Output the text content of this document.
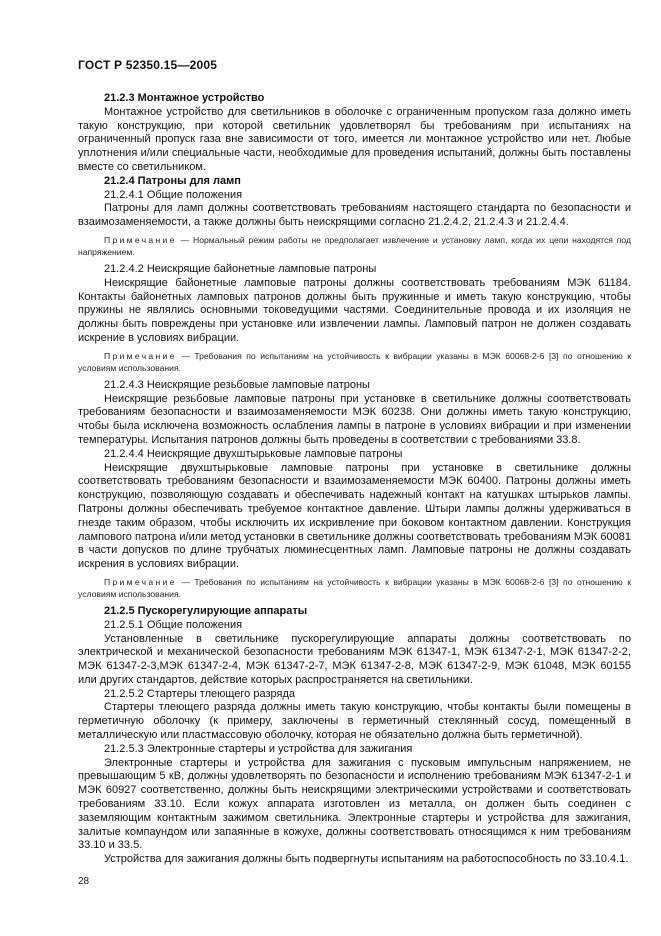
ГОСТ Р 52350.15—2005

21.2.3 Монтажное устройство

Монтажное устройство для светильников в оболочке с ограниченным пропуском газа должно иметь такую конструкцию, при которой светильник удовлетворял бы требованиям при испытаниях на ограниченный пропуск газа вне зависимости от того, имеется ли монтажное устройство или нет. Любые уплотнения и/или специальные части, необходимые для проведения испытаний, должны быть поставлены вместе со светильником.

21.2.4 Патроны для ламп

21.2.4.1 Общие положения

Патроны для ламп должны соответствовать требованиям настоящего стандарта по безопасности и взаимозаменяемости, а также должны быть неискрящими согласно 21.2.4.2, 21.2.4.3 и 21.2.4.4.

Примечание — Нормальный режим работы не предполагает извлечение и установку ламп, когда их цепи находятся под напряжением.

21.2.4.2 Неискрящие байонетные ламповые патроны

Неискрящие байонетные ламповые патроны должны соответствовать требованиям МЭК 61184. Контакты байонетных ламповых патронов должны быть пружинные и иметь такую конструкцию, чтобы пружины не являлись основными токоведущими частями. Соединительные провода и их изоляция не должны быть повреждены при установке или извлечении лампы. Ламповый патрон не должен создавать искрение в условиях вибрации.

Примечание — Требования по испытаниям на устойчивость к вибрации указаны в МЭК 60068-2-6 [3] по отношению к условиям использования.

21.2.4.3 Неискрящие резьбовые ламповые патроны

Неискрящие резьбовые ламповые патроны при установке в светильнике должны соответствовать требованиям безопасности и взаимозаменяемости МЭК 60238. Они должны иметь такую конструкцию, чтобы была исключена возможность ослабления лампы в патроне в условиях вибрации и при изменении температуры. Испытания патронов должны быть проведены в соответствии с требованиями 33.8.

21.2.4.4 Неискрящие двухштырьковые ламповые патроны

Неискрящие двухштырьковые ламповые патроны при установке в светильнике должны соответствовать требованиям безопасности и взаимозаменяемости МЭК 60400. Патроны должны иметь конструкцию, позволяющую создавать и обеспечивать надежный контакт на катушках штырьков лампы. Патроны должны обеспечивать требуемое контактное давление. Штыри лампы должны удерживаться в гнезде таким образом, чтобы исключить их искривление при боковом контактном давлении. Конструкция лампового патрона и/или метод установки в светильнике должны соответствовать требованиям МЭК 60081 в части допусков по длине трубчатых люминесцентных ламп. Ламповые патроны не должны создавать искрения в условиях вибрации.

Примечание — Требования по испытаниям на устойчивость к вибрации указаны в МЭК 60068-2-6 [3] по отношению к условиям использования.

21.2.5 Пускорегулирующие аппараты

21.2.5.1 Общие положения

Установленные в светильнике пускорегулирующие аппараты должны соответствовать по электрической и механической безопасности требованиям МЭК 61347-1, МЭК 61347-2-1, МЭК 61347-2-2, МЭК 61347-2-3,МЭК 61347-2-4, МЭК 61347-2-7, МЭК 61347-2-8, МЭК 61347-2-9, МЭК 61048, МЭК 60155 или других стандартов, действие которых распространяется на светильники.

21.2.5.2 Стартеры тлеющего разряда

Стартеры тлеющего разряда должны иметь такую конструкцию, чтобы контакты были помещены в герметичную оболочку (к примеру, заключены в герметичный стеклянный сосуд, помещенный в металлическую или пластмассовую оболочку, которая не обязательно должна быть герметичной).

21.2.5.3 Электронные стартеры и устройства для зажигания

Электронные стартеры и устройства для зажигания с пусковым импульсным напряжением, не превышающим 5 кВ, должны удовлетворять по безопасности и исполнению требованиям МЭК 61347-2-1 и МЭК 60927 соответственно, должны быть неискрящими электрическими устройствами и соответствовать требованиям 33.10. Если кожух аппарата изготовлен из металла, он должен быть соединен с заземляющим контактным зажимом светильника. Электронные стартеры и устройства для зажигания, залитые компаундом или запаянные в кожухе, должны соответствовать относящимся к ним требованиям 33.10 и 33.5.

Устройства для зажигания должны быть подвергнуты испытаниям на работоспособность по 33.10.4.1.

28
